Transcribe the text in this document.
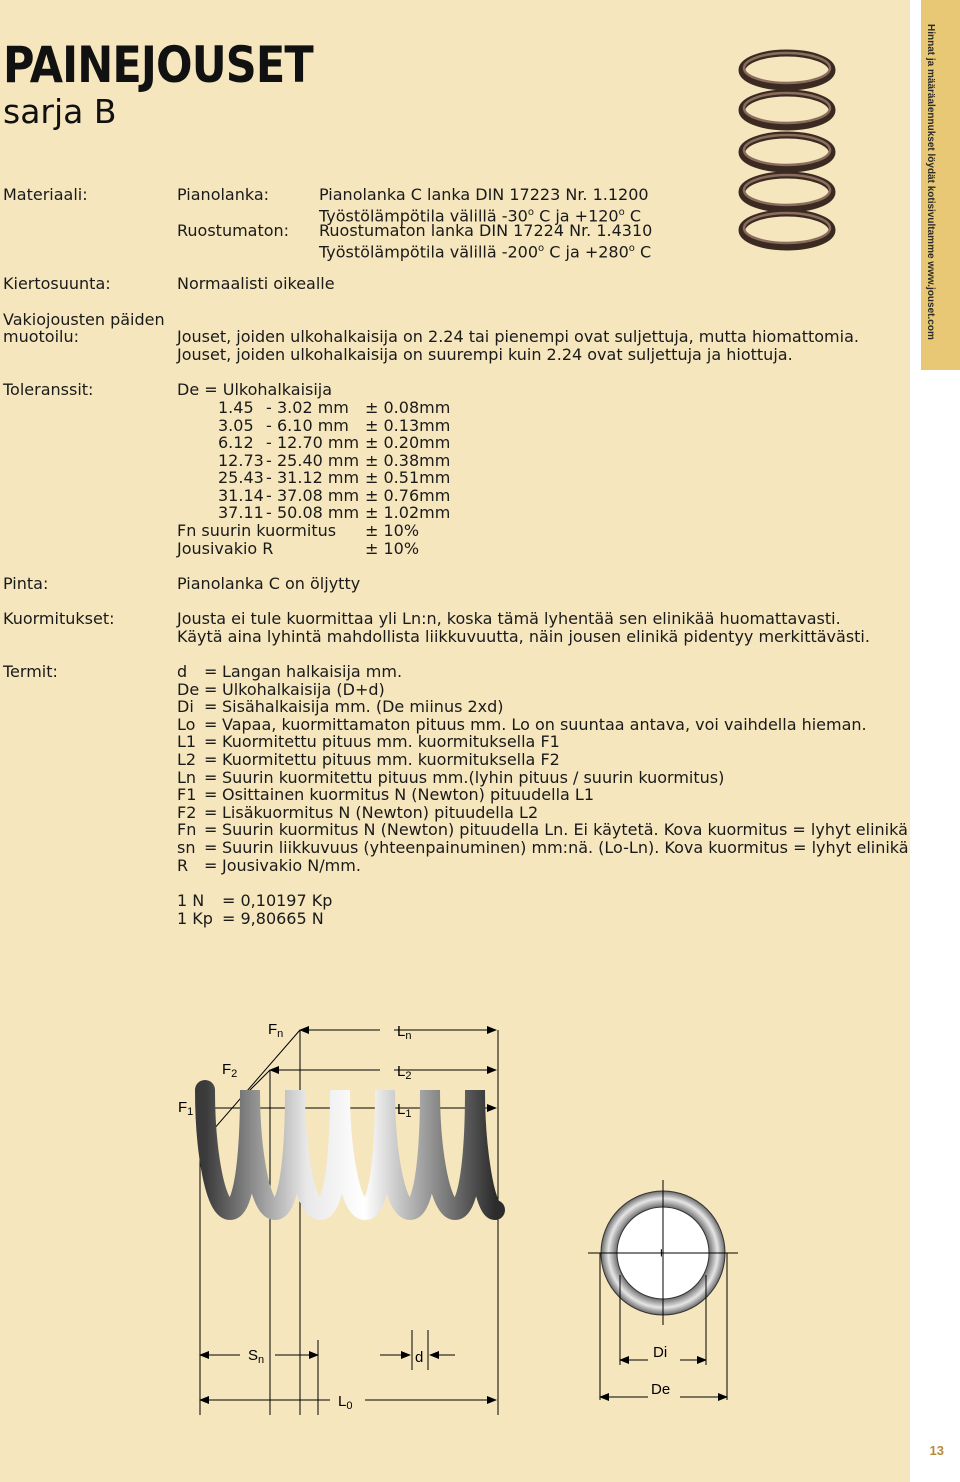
Hinnat ja määräalennukset löydät kotisivultamme www.jouset.com
13
PAINEJOUSET
sarja B
Materiaali:	Pianolanka:	Pianolanka C lanka DIN 17223 Nr. 1.1200
Työstölämpötila välillä -30$^o$ C ja $+120^o$ C
Ruostumaton: Ruostumaton lanka DIN 17224 Nr. 1.4310
Työstölämpötila välillä -200$^o$ C ja $+280^o$ C
Kiertosuunta:	Normaalisti oikealle
Vakiojousten päiden
muotoilu:	Jouset, joiden ulkohalkaisija on 2.24 tai pienempi ovat suljettuja, mutta hiomattomia.
Jouset, joiden ulkohalkaisija on suurempi kuin 2.24 ovat suljettuja ja hiottuja.
Toleranssit:	De = Ulkohalkaisija
1.45 - 3.02 mm ± 0.08mm
3.05 - 6.10 mm ± 0.13mm
6.12 - 12.70 mm ± 0.20mm
12.73 - 25.40 mm ± 0.38mm
25.43 - 31.12 mm ± 0.51mm
31.14 - 37.08 mm ± 0.76mm
37.11 - 50.08 mm ± 1.02mm
Fn suurin kuormitus ± 10%
Jousivakio R	± 10%
Pinta:	Pianolanka C on öljytty
Kuormitukset:	Jousta ei tule kuormittaa yli Ln:n, koska tämä lyhentää sen elinikää huomattavasti.
Käytä aina lyhintä mahdollista liikkuvuutta, näin jousen elinikä pidentyy merkittävästi.
Termit:	d = Langan halkaisija mm.
De = Ulkohalkaisija (D+d)
Di = Sisähalkaisija mm. (De miinus 2xd)
Lo = Vapaa, kuormittamaton pituus mm. Lo on suuntaa antava, voi vaihdella hieman.
L1 = Kuormitettu pituus mm. kuormituksella F1
L2 = Kuormitettu pituus mm. kuormituksella F2
Ln = Suurin kuormitettu pituus mm.(lyhin pituus / suurin kuormitus)
F1 = Osittainen kuormitus N (Newton) pituudella L1
F2 = Lisäkuormitus N (Newton) pituudella L2
Fn = Suurin kuormitus N (Newton) pituudella Ln. Ei käytetä. Kova kuormitus = lyhyt elinikä
sn = Suurin liikkuvuus (yhteenpainuminen) mm:nä. (Lo-Ln). Kova kuormitus = lyhyt elinikä
R = Jousivakio N/mm.
1 N = 0,10197 Kp
1 Kp = 9,80665 N
$F_n$
$F_2$
$F_1$
$L_n$
$L_2$
$L_1$
$S_n$	d
$L_0$
+
Di
De
